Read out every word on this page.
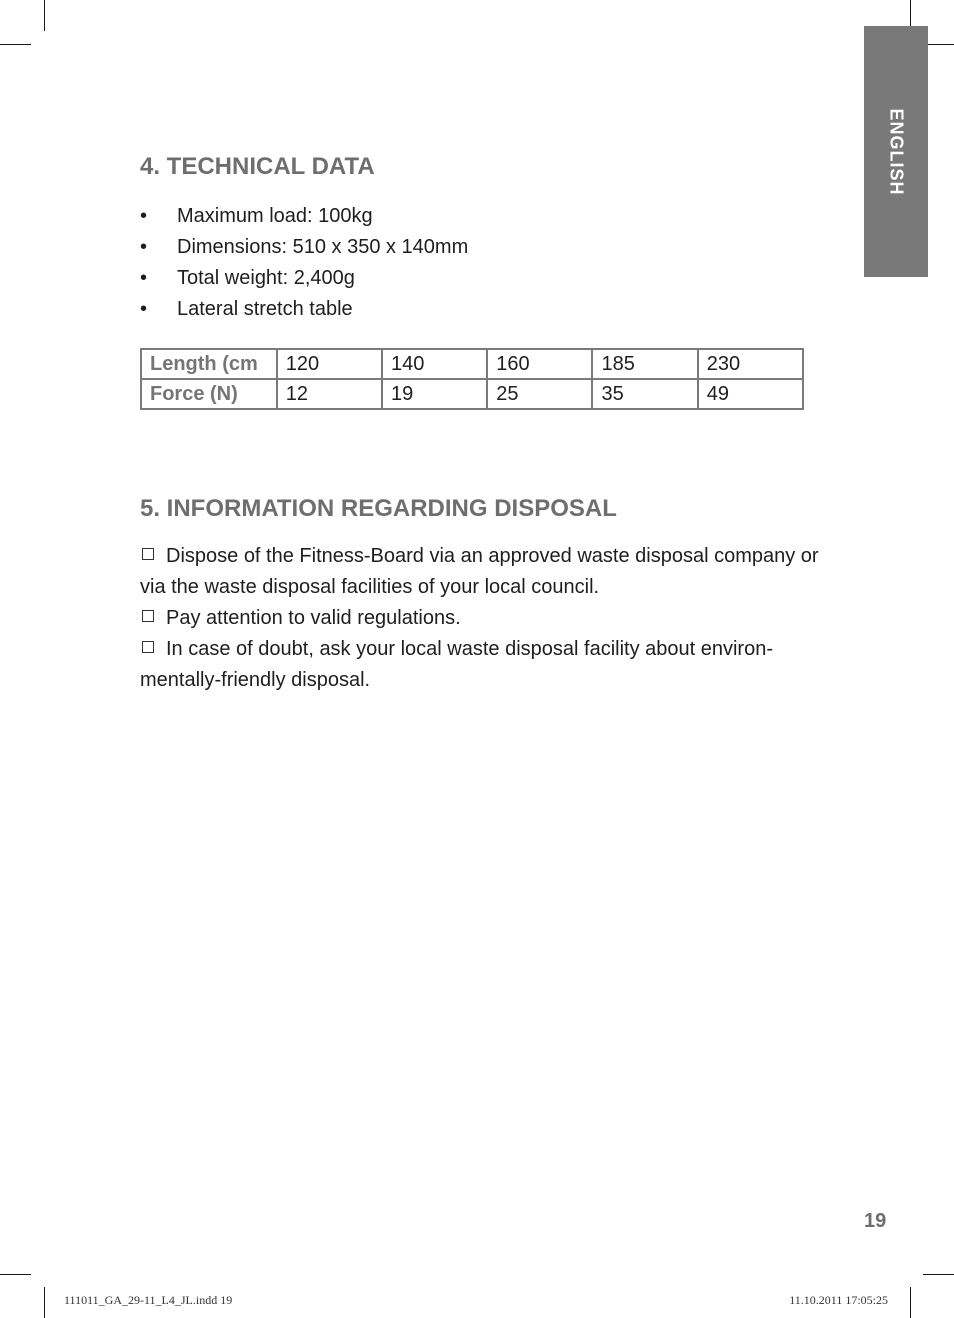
ENGLISH
4. TECHNICAL DATA
• Maximum load: 100kg
• Dimensions: 510 x 350 x 140mm
• Total weight: 2,400g
• Lateral stretch table
Length (cm	120	140	160	185	230
Force (N)	12	19	25	35	49
5. INFORMATION REGARDING DISPOSAL

Dispose of the Fitness-Board via an approved waste disposal company or via the waste disposal facilities of your local council.

Pay attention to valid regulations.

In case of doubt, ask your local waste disposal facility about environ-mentally-friendly disposal.

19
111011_GA_29-11_L4_JL.indd 19	11.10.2011 17:05:25
